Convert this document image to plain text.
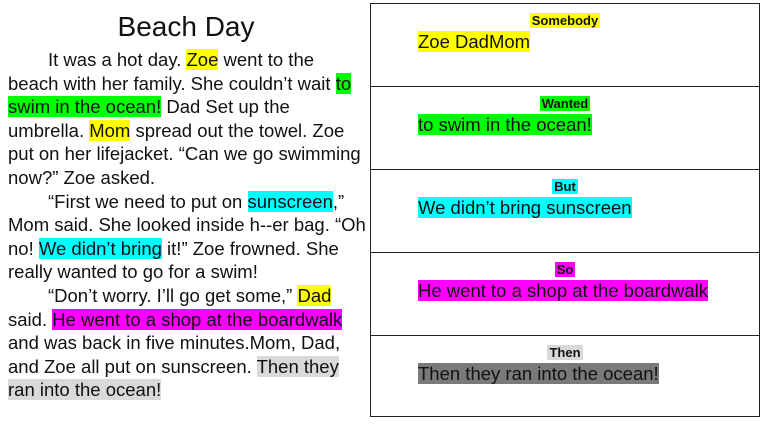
Beach Day

It was a hot day. Zoe went to the beach with her family. She couldn’t wait to swim in the ocean! Dad Set up the umbrella. Mom spread out the towel. Zoe put on her lifejacket. “Can we go swimming now?” Zoe asked.

“First we need to put on sunscreen,” Mom said. She looked inside h--er bag. “Oh no! We didn’t bring it!” Zoe frowned. She really wanted to go for a swim!

“Don’t worry. I’ll go get some,” Dad said. He went to a shop at the boardwalk and was back in five minutes.Mom, Dad, and Zoe all put on sunscreen. Then they ran into the ocean!

Somebody
Zoe DadMom
Wanted
to swim in the ocean!
But
We didn’t bring sunscreen
So
He went to a shop at the boardwalk
Then
Then they ran into the ocean!
